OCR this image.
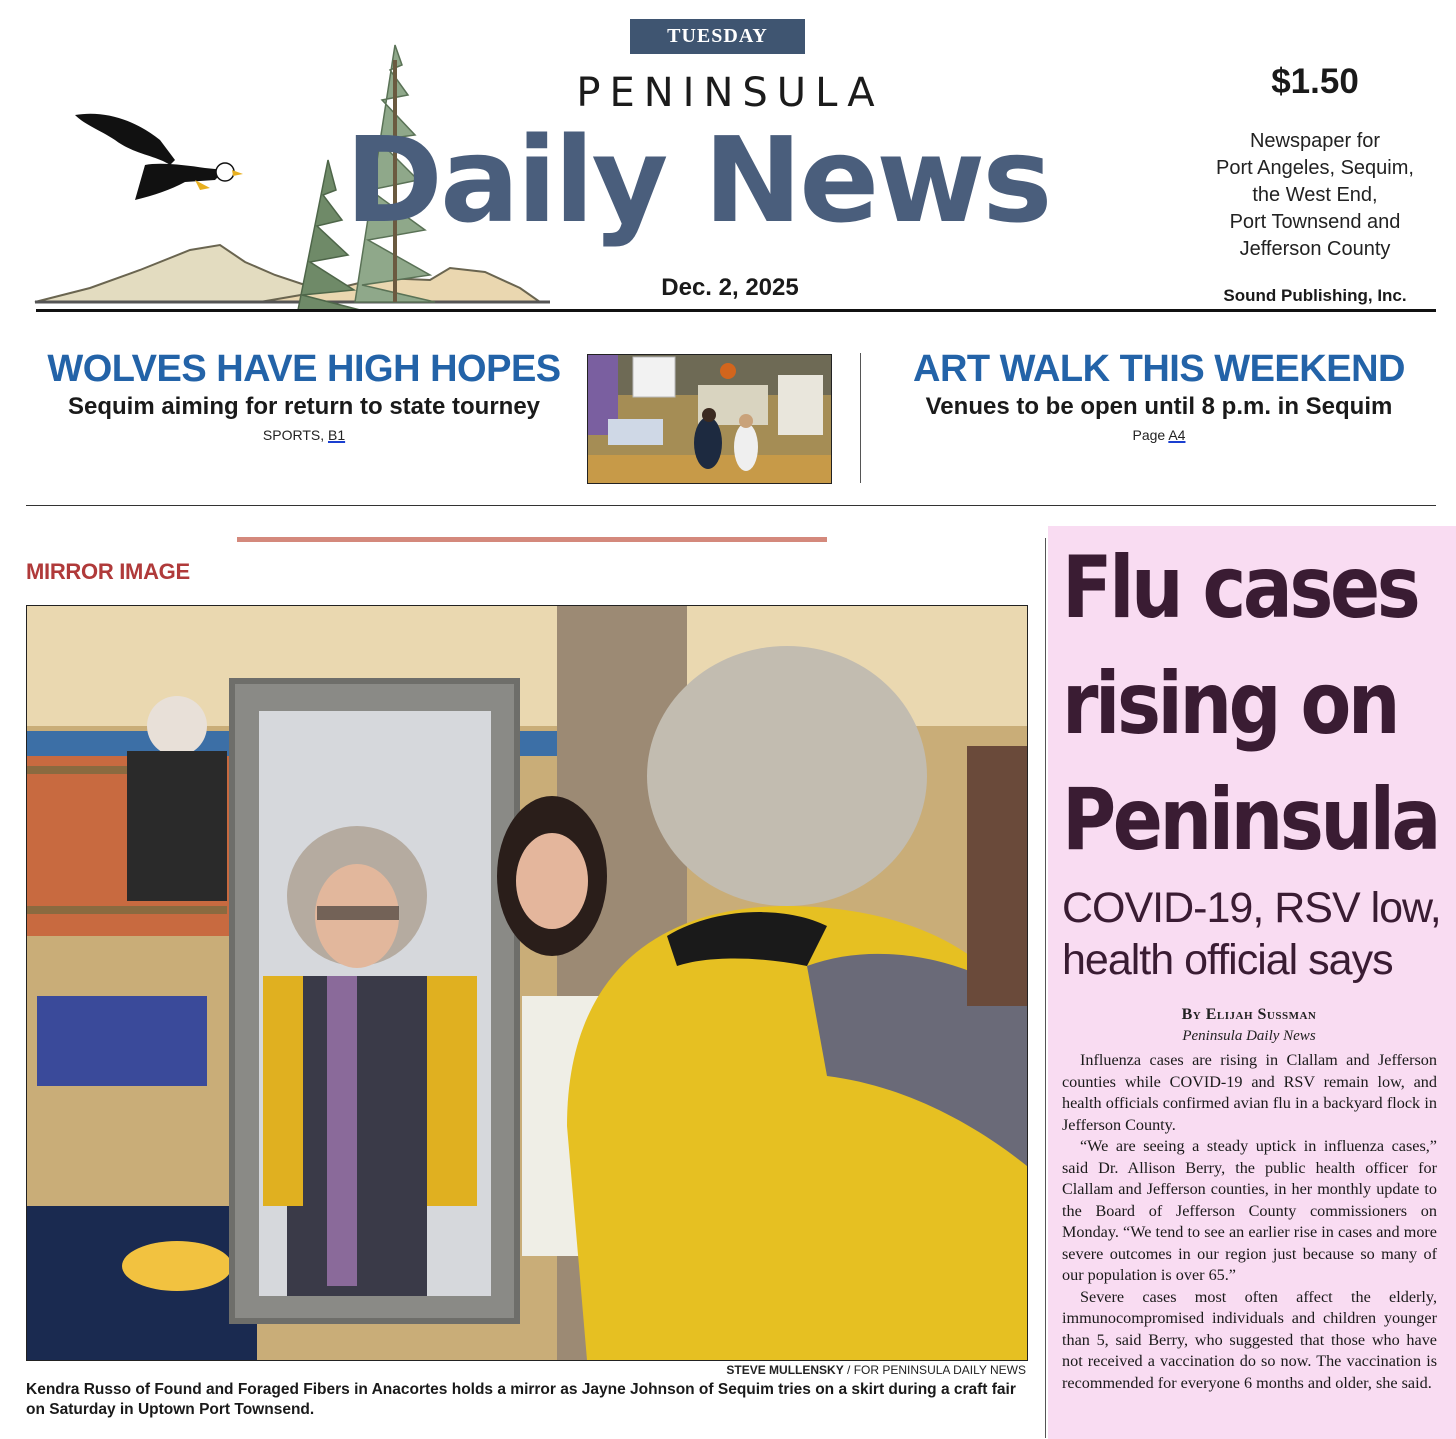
TUESDAY
PENINSULA
Daily News
Dec. 2, 2025
$1.50
Newspaper for
Port Angeles, Sequim,
the West End,
Port Townsend and
Jefferson County
Sound Publishing, Inc.
WOLVES HAVE HIGH HOPES
Sequim aiming for return to state tourney
SPORTS, B1
ART WALK THIS WEEKEND
Venues to be open until 8 p.m. in Sequim
Page A4
MIRROR IMAGE
STEVE MULLENSKY / FOR PENINSULA DAILY NEWS
Kendra Russo of Found and Foraged Fibers in Anacortes holds a mirror as Jayne Johnson of Sequim tries on a skirt during a craft fair on Saturday in Uptown Port Townsend.
Flu cases
rising on
Peninsula
COVID-19, RSV low,
health official says
By Elijah Sussman
Peninsula Daily News

Influenza cases are rising in Clallam and Jefferson counties while COVID-19 and RSV remain low, and health officials confirmed avian flu in a backyard flock in Jefferson County.

“We are seeing a steady uptick in influenza cases,” said Dr. Allison Berry, the public health officer for Clallam and Jefferson counties, in her monthly update to the Board of Jefferson County commissioners on Monday. “We tend to see an earlier rise in cases and more severe outcomes in our region just because so many of our population is over 65.”

Severe cases most often affect the elderly, immunocompromised individuals and children younger than 5, said Berry, who suggested that those who have not received a vaccination do so now. The vaccination is recommended for everyone 6 months and older, she said.
